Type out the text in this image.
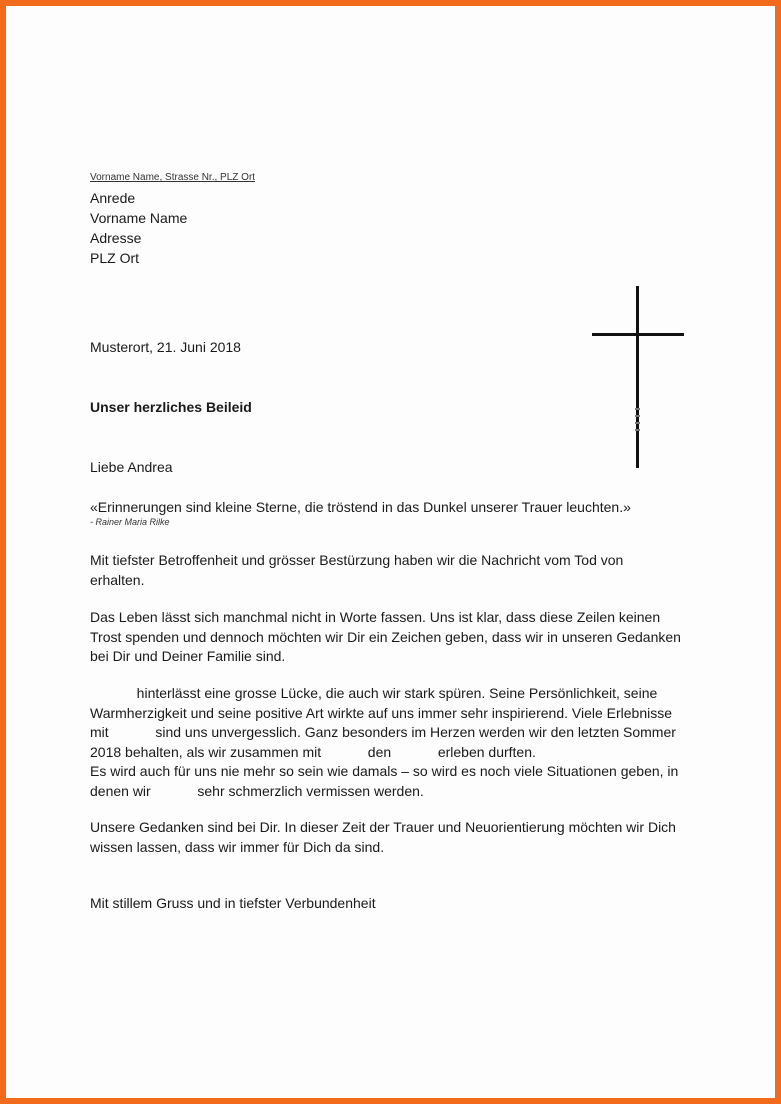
Vorname Name, Strasse Nr., PLZ Ort
Anrede
Vorname Name
Adresse
PLZ Ort
Musterort, 21. Juni 2018
Unser herzliches Beileid
Liebe Andrea
«Erinnerungen sind kleine Sterne, die tröstend in das Dunkel unserer Trauer leuchten.»
- Rainer Maria Rilke
Mit tiefster Betroffenheit und grösser Bestürzung haben wir die Nachricht vom Tod von
erhalten.
Das Leben lässt sich manchmal nicht in Worte fassen. Uns ist klar, dass diese Zeilen keinen
Trost spenden und dennoch möchten wir Dir ein Zeichen geben, dass wir in unseren Gedanken
bei Dir und Deiner Familie sind.
hinterlässt eine grosse Lücke, die auch wir stark spüren. Seine Persönlichkeit, seine
Warmherzigkeit und seine positive Art wirkte auf uns immer sehr inspirierend. Viele Erlebnisse
mit            sind uns unvergesslich. Ganz besonders im Herzen werden wir den letzten Sommer
2018 behalten, als wir zusammen mit            den            erleben durften.
Es wird auch für uns nie mehr so sein wie damals – so wird es noch viele Situationen geben, in
denen wir            sehr schmerzlich vermissen werden.
Unsere Gedanken sind bei Dir. In dieser Zeit der Trauer und Neuorientierung möchten wir Dich
wissen lassen, dass wir immer für Dich da sind.
Mit stillem Gruss und in tiefster Verbundenheit
